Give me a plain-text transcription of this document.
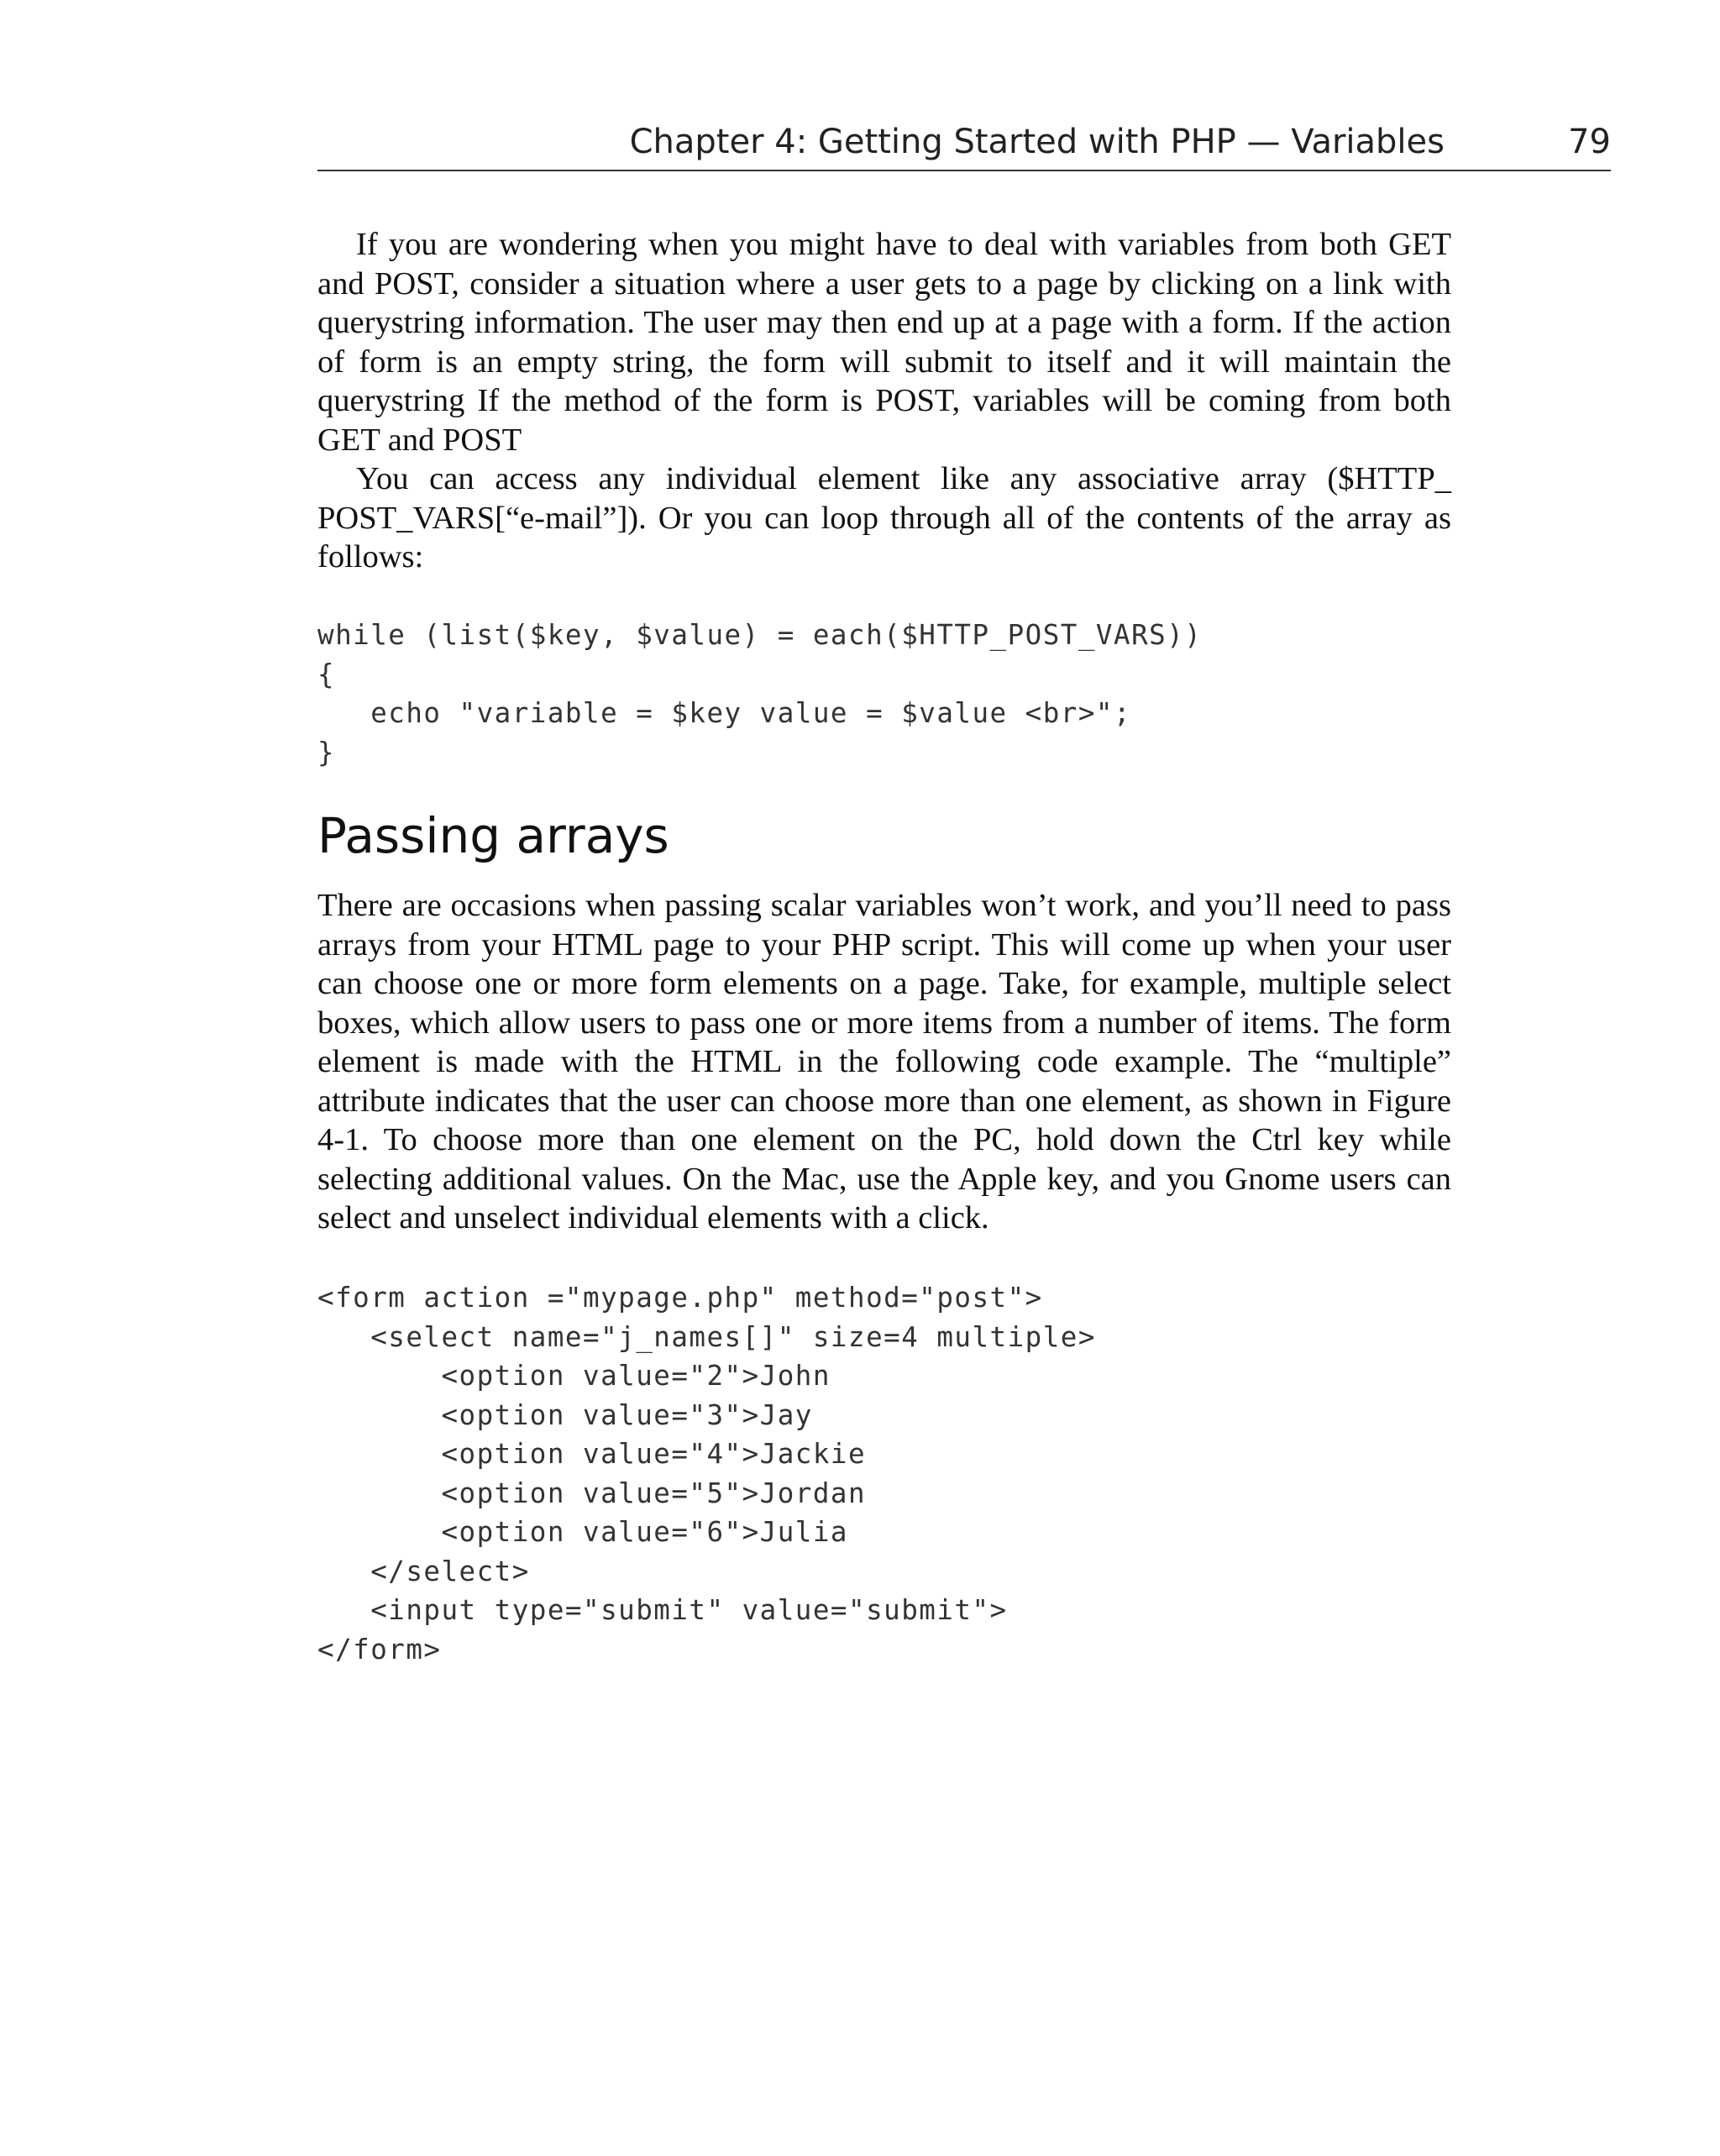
Chapter 4: Getting Started with PHP — Variables	79

If you are wondering when you might have to deal with variables from both GET and POST, consider a situation where a user gets to a page by clicking on a link with querystring information. The user may then end up at a page with a form. If the action of form is an empty string, the form will submit to itself and it will maintain the querystring If the method of the form is POST, variables will be coming from both GET and POST

You can access any individual element like any associative array ($HTTP_ POST_VARS[“e-mail”]). Or you can loop through all of the contents of the array as follows:

while (list($key, $value) = each($HTTP_POST_VARS))
{
echo "variable = $key value = $value <br>";
}
Passing arrays

There are occasions when passing scalar variables won’t work, and you’ll need to pass arrays from your HTML page to your PHP script. This will come up when your user can choose one or more form elements on a page. Take, for example, multiple select boxes, which allow users to pass one or more items from a number of items. The form element is made with the HTML in the following code example. The “multiple” attribute indicates that the user can choose more than one element, as shown in Figure 4-1. To choose more than one element on the PC, hold down the Ctrl key while selecting additional values. On the Mac, use the Apple key, and you Gnome users can select and unselect individual elements with a click.

<form action ="mypage.php" method="post">
<select name="j_names[]" size=4 multiple>
<option value="2">John
<option value="3">Jay
<option value="4">Jackie
<option value="5">Jordan
<option value="6">Julia
</select>
<input type="submit" value="submit">
</form>
